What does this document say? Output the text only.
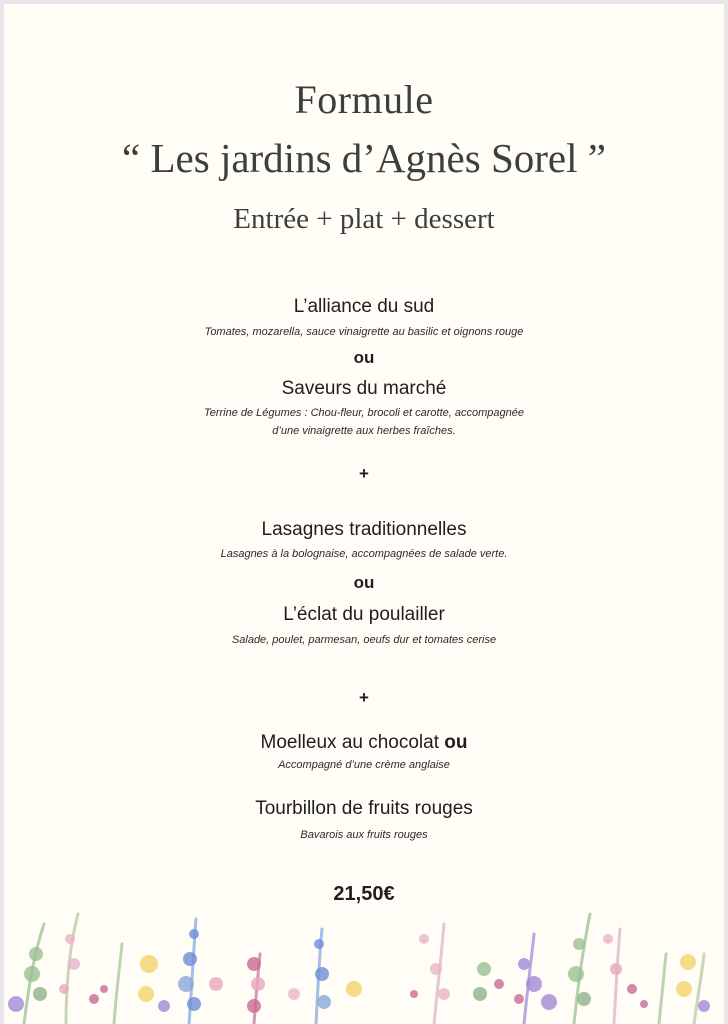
Formule
“ Les jardins d’Agnès Sorel ”
Entrée + plat + dessert
L’alliance du sud
Tomates, mozarella, sauce vinaigrette au basilic et oignons rouge
ou
Saveurs du marché
Terrine de Légumes : Chou-fleur, brocoli et carotte, accompagnée
d’une vinaigrette aux herbes fraîches.
+
Lasagnes traditionnelles
Lasagnes à la bolognaise, accompagnées de salade verte.
ou
L’éclat du poulailler
Salade, poulet, parmesan, oeufs dur et tomates cerise
+
Moelleux au chocolat ou
Accompagné d’une crème anglaise
Tourbillon de fruits rouges
Bavarois aux fruits rouges
21,50€
